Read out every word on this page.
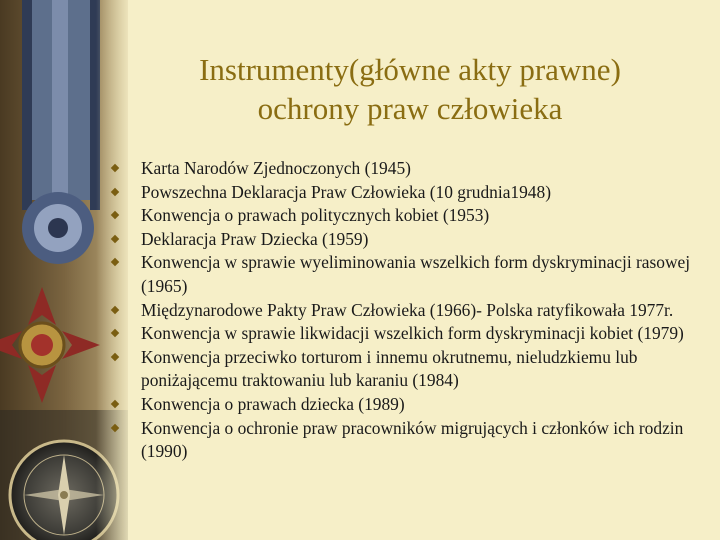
Instrumenty(główne akty prawne)
ochrony praw człowieka
Karta Narodów Zjednoczonych (1945)
Powszechna Deklaracja Praw Człowieka (10 grudnia1948)
Konwencja o prawach politycznych kobiet (1953)
Deklaracja Praw Dziecka (1959)
Konwencja w sprawie wyeliminowania wszelkich form dyskryminacji rasowej (1965)
Międzynarodowe Pakty Praw Człowieka (1966)- Polska ratyfikowała 1977r.
Konwencja w sprawie likwidacji wszelkich form dyskryminacji kobiet (1979)
Konwencja przeciwko torturom i innemu okrutnemu, nieludzkiemu lub poniżającemu traktowaniu lub karaniu (1984)
Konwencja o prawach dziecka (1989)
Konwencja o ochronie praw pracowników migrujących i członków ich rodzin (1990)
